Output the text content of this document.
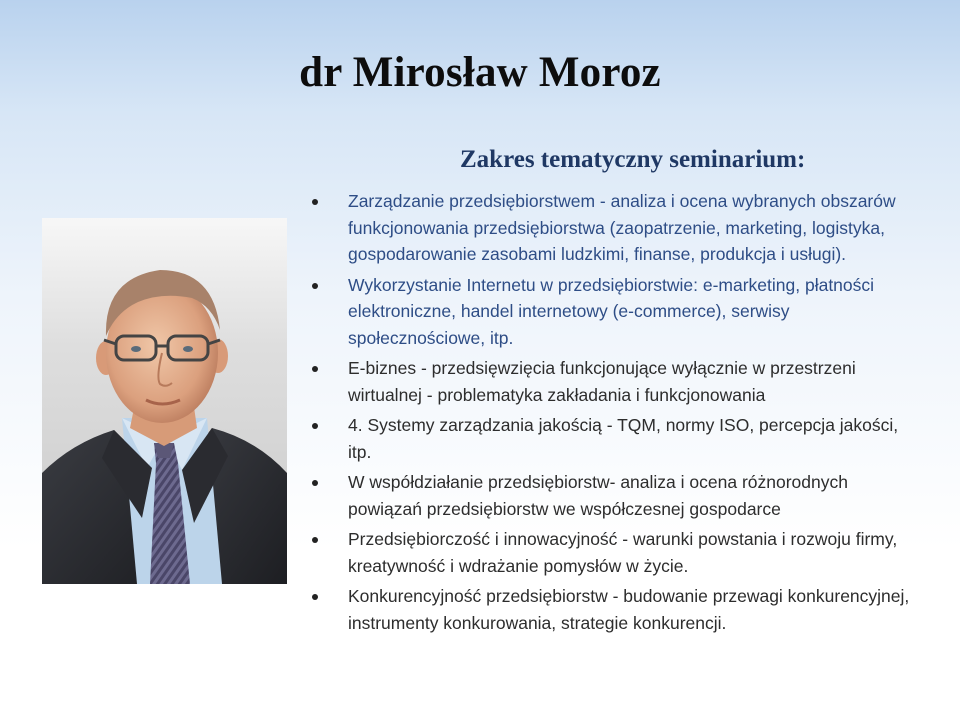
dr Mirosław Moroz
Zakres tematyczny seminarium:
Zarządzanie przedsiębiorstwem - analiza i ocena wybranych obszarów funkcjonowania przedsiębiorstwa (zaopatrzenie, marketing, logistyka, gospodarowanie zasobami ludzkimi, finanse, produkcja i usługi).
Wykorzystanie Internetu w przedsiębiorstwie: e-marketing, płatności elektroniczne, handel internetowy (e-commerce), serwisy społecznościowe, itp.
E-biznes - przedsięwzięcia funkcjonujące wyłącznie w przestrzeni wirtualnej - problematyka zakładania i funkcjonowania
4. Systemy zarządzania jakością - TQM, normy ISO, percepcja jakości, itp.
W współdziałanie przedsiębiorstw- analiza i ocena różnorodnych powiązań przedsiębiorstw we współczesnej gospodarce
Przedsiębiorczość i innowacyjność - warunki powstania i rozwoju firmy, kreatywność i wdrażanie pomysłów w życie.
Konkurencyjność przedsiębiorstw - budowanie przewagi konkurencyjnej, instrumenty konkurowania, strategie konkurencji.
